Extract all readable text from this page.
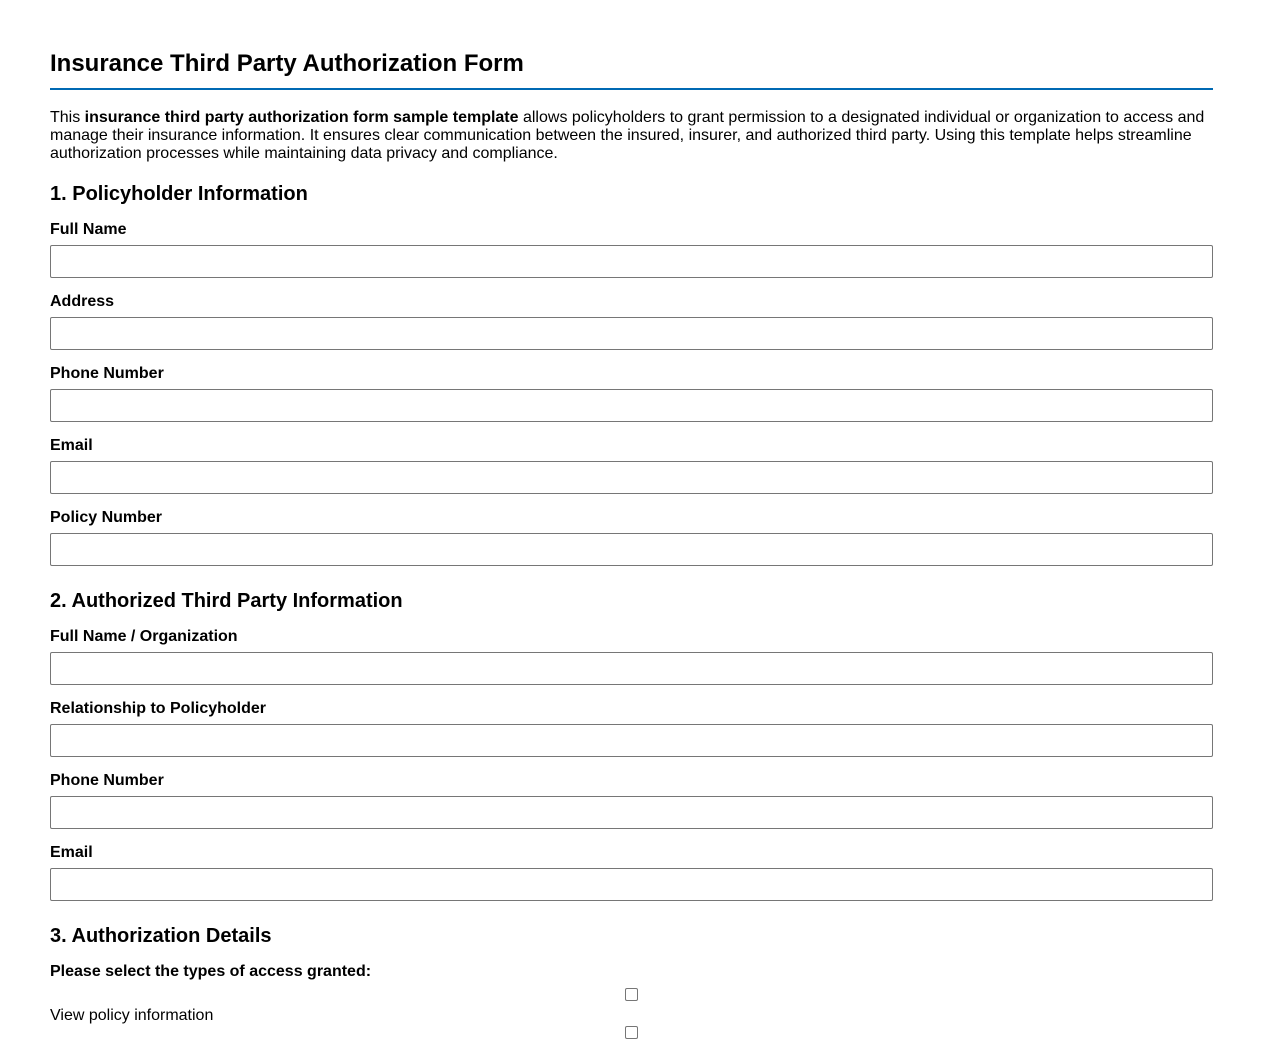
Insurance Third Party Authorization Form

This insurance third party authorization form sample template allows policyholders to grant permission to a designated individual or organization to access and manage their insurance information. It ensures clear communication between the insured, insurer, and authorized third party. Using this template helps streamline authorization processes while maintaining data privacy and compliance.

1. Policyholder Information
Full Name
Address
Phone Number
Email
Policy Number
2. Authorized Third Party Information
Full Name / Organization
Relationship to Policyholder
Phone Number
Email
3. Authorization Details

Please select the types of access granted:

View policy information
